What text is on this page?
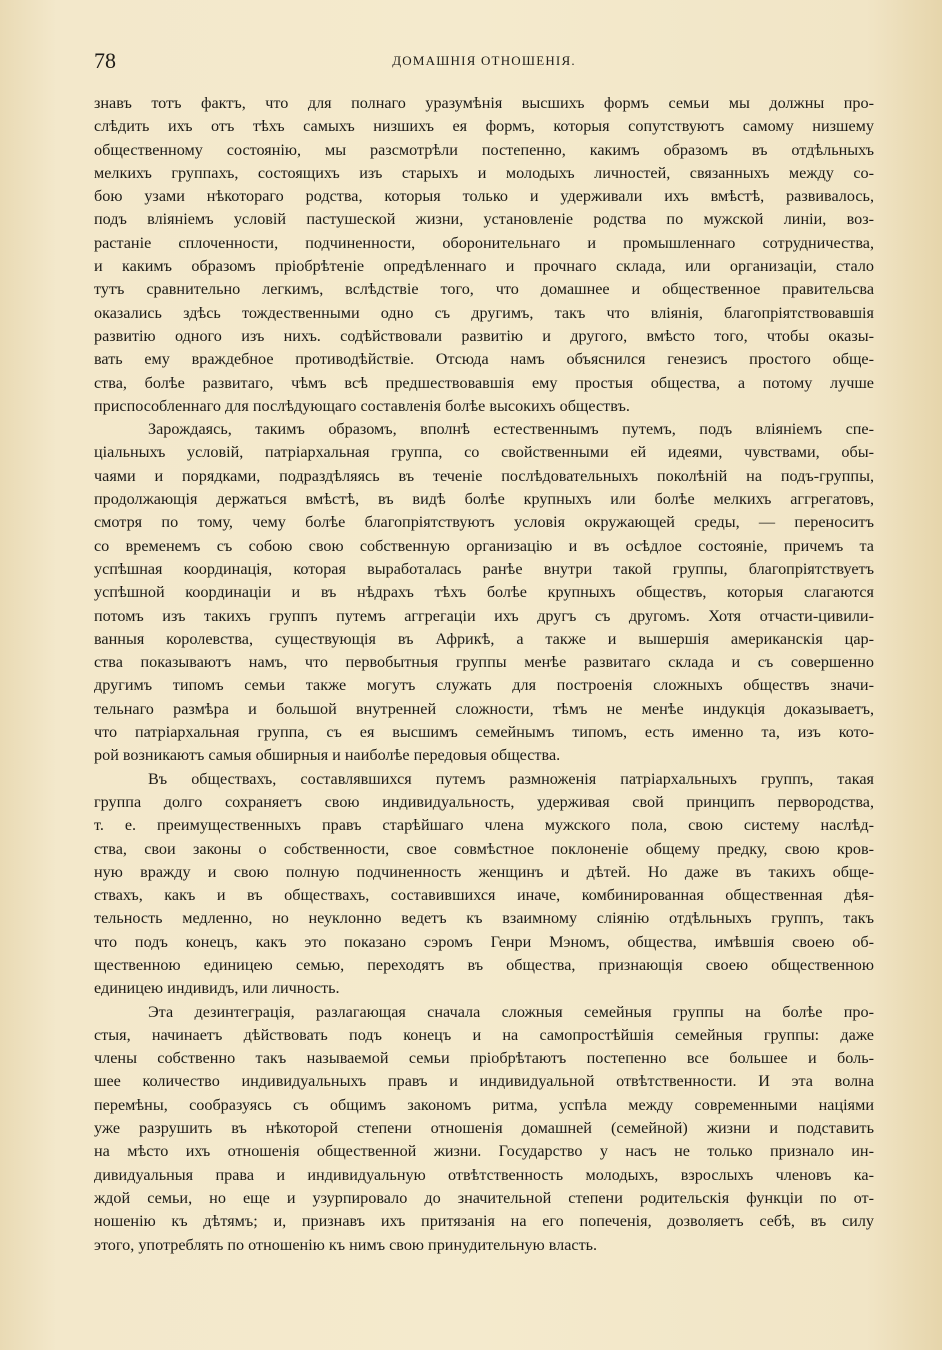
78	ДОМАШНІЯ ОТНОШЕНІЯ.
знавъ тотъ фактъ, что для полнаго уразумѣнія высшихъ формъ семьи мы должны про-
слѣдить ихъ отъ тѣхъ самыхъ низшихъ ея формъ, которыя сопутствуютъ самому низшему
общественному состоянію, мы разсмотрѣли постепенно, какимъ образомъ въ отдѣльныхъ
мелкихъ группахъ, состоящихъ изъ старыхъ и молодыхъ личностей, связанныхъ между со-
бою узами нѣкотораго родства, которыя только и удерживали ихъ вмѣстѣ, развивалось,
подъ вліяніемъ условій пастушеской жизни, установленіе родства по мужской линіи, воз-
растаніе сплоченности, подчиненности, оборонительнаго и промышленнаго сотрудничества,
и какимъ образомъ пріобрѣтеніе опредѣленнаго и прочнаго склада, или организаціи, стало
тутъ сравнительно легкимъ, вслѣдствіе того, что домашнее и общественное правительсва
оказались здѣсь тождественными одно съ другимъ, такъ что вліянія, благопріятствовавшія
развитію одного изъ нихъ. содѣйствовали развитію и другого, вмѣсто того, чтобы оказы-
вать ему враждебное противодѣйствіе. Отсюда намъ объяснился генезисъ простого обще-
ства, болѣе развитаго, чѣмъ всѣ предшествовавшія ему простыя общества, а потому лучше
приспособленнаго для послѣдующаго составленія болѣе высокихъ обществъ.
Зарождаясь, такимъ образомъ, вполнѣ естественнымъ путемъ, подъ вліяніемъ спе-
ціальныхъ условій, патріархальная группа, со свойственными ей идеями, чувствами, обы-
чаями и порядками, подраздѣляясь въ теченіе послѣдовательныхъ поколѣній на подъ-группы,
продолжающія держаться вмѣстѣ, въ видѣ болѣе крупныхъ или болѣе мелкихъ аггрегатовъ,
смотря по тому, чему болѣе благопріятствуютъ условія окружающей среды, — переноситъ
со временемъ съ собою свою собственную организацію и въ осѣдлое состояніе, причемъ та
успѣшная координація, которая выработалась ранѣе внутри такой группы, благопріятствуетъ
успѣшной координаціи и въ нѣдрахъ тѣхъ болѣе крупныхъ обществъ, которыя слагаются
потомъ изъ такихъ группъ путемъ аггрегаціи ихъ другъ съ другомъ. Хотя отчасти-цивили-
ванныя королевства, существующія въ Африкѣ, а также и вышершія американскія цар-
ства показываютъ намъ, что первобытныя группы менѣе развитаго склада и съ совершенно
другимъ типомъ семьи также могутъ служать для построенія сложныхъ обществъ значи-
тельнаго размѣра и большой внутренней сложности, тѣмъ не менѣе индукція доказываетъ,
что патріархальная группа, съ ея высшимъ семейнымъ типомъ, есть именно та, изъ кото-
рой возникаютъ самыя обширныя и наиболѣе передовыя общества.
Въ обществахъ, составлявшихся путемъ размноженія патріархальныхъ группъ, такая
группа долго сохраняетъ свою индивидуальность, удерживая свой принципъ первородства,
т. е. преимущественныхъ правъ старѣйшаго члена мужского пола, свою систему наслѣд-
ства, свои законы о собственности, свое совмѣстное поклоненіе общему предку, свою кров-
ную вражду и свою полную подчиненность женщинъ и дѣтей. Но даже въ такихъ обще-
ствахъ, какъ и въ обществахъ, составившихся иначе, комбинированная общественная дѣя-
тельность медленно, но неуклонно ведетъ къ взаимному сліянію отдѣльныхъ группъ, такъ
что подъ конецъ, какъ это показано сэромъ Генри Мэномъ, общества, имѣвшія своею об-
щественною единицею семью, переходятъ въ общества, признающія своею общественною
единицею индивидъ, или личность.
Эта дезинтеграція, разлагающая сначала сложныя семейныя группы на болѣе про-
стыя, начинаетъ дѣйствовать подъ конецъ и на самопростѣйшія семейныя группы: даже
члены собственно такъ называемой семьи пріобрѣтаютъ постепенно все большее и боль-
шее количество индивидуальныхъ правъ и индивидуальной отвѣтственности. И эта волна
перемѣны, сообразуясь съ общимъ закономъ ритма, успѣла между современными націями
уже разрушить въ нѣкоторой степени отношенія домашней (семейной) жизни и подставить
на мѣсто ихъ отношенія общественной жизни. Государство у насъ не только признало ин-
дивидуальныя права и индивидуальную отвѣтственность молодыхъ, взрослыхъ членовъ ка-
ждой семьи, но еще и узурпировало до значительной степени родительскія функціи по от-
ношенію къ дѣтямъ; и, признавъ ихъ притязанія на его попеченія, дозволяетъ себѣ, въ силу
этого, употреблять по отношенію къ нимъ свою принудительную власть.
